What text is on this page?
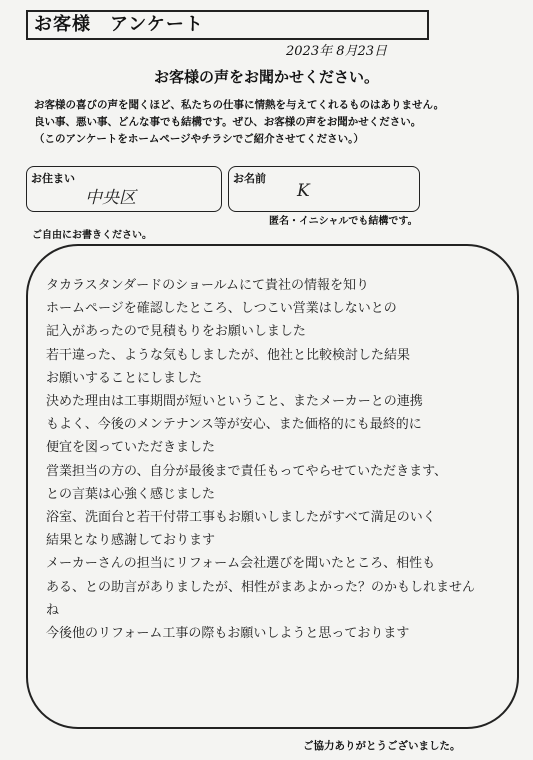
お客様　アンケート
2023年 8月23日
お客様の声をお聞かせください。
お客様の喜びの声を聞くほど、私たちの仕事に情熱を与えてくれるものはありません。
良い事、悪い事、どんな事でも結構です。ぜひ、お客様の声をお聞かせください。
（このアンケートをホームページやチラシでご紹介させてください。）
お住まい
中央区
お名前
K
匿名・イニシャルでも結構です。
ご自由にお書きください。
タカラスタンダードのショールムにて貴社の情報を知り
ホームページを確認したところ、しつこい営業はしないとの
記入があったので見積もりをお願いしました
若干違った、ような気もしましたが、他社と比較検討した結果
お願いすることにしました
決めた理由は工事期間が短いということ、またメーカーとの連携
もよく、今後のメンテナンス等が安心、また価格的にも最終的に
便宜を図っていただきました
営業担当の方の、自分が最後まで責任もってやらせていただきます、
との言葉は心強く感じました
浴室、洗面台と若干付帯工事もお願いしましたがすべて満足のいく
結果となり感謝しております
メーカーさんの担当にリフォーム会社選びを聞いたところ、相性も
ある、との助言がありましたが、相性がまあよかった？のかもしれません
ね
今後他のリフォーム工事の際もお願いしようと思っております
ご協力ありがとうございました。
